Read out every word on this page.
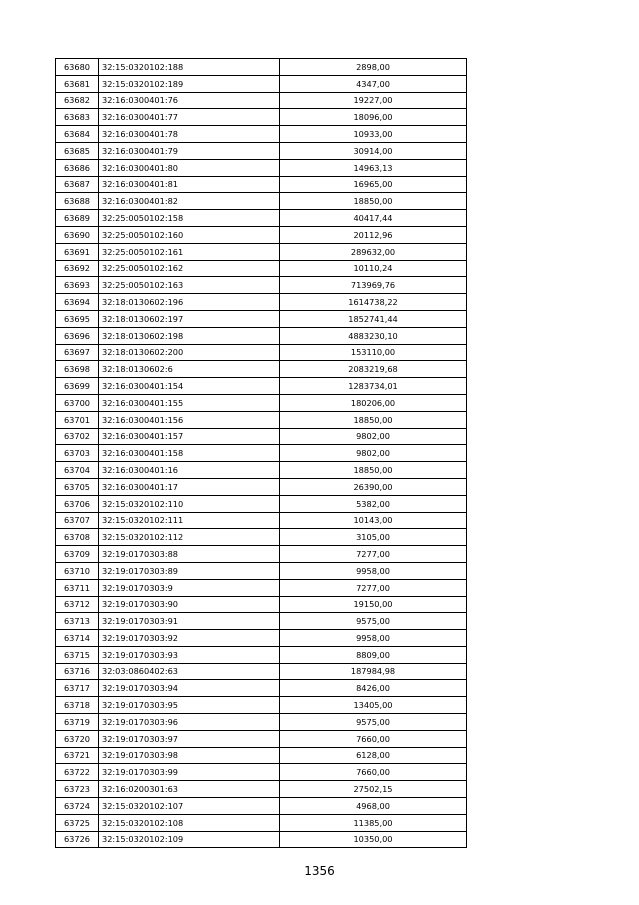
63680	32:15:0320102:188	2898,00
63681	32:15:0320102:189	4347,00
63682	32:16:0300401:76	19227,00
63683	32:16:0300401:77	18096,00
63684	32:16:0300401:78	10933,00
63685	32:16:0300401:79	30914,00
63686	32:16:0300401:80	14963,13
63687	32:16:0300401:81	16965,00
63688	32:16:0300401:82	18850,00
63689	32:25:0050102:158	40417,44
63690	32:25:0050102:160	20112,96
63691	32:25:0050102:161	289632,00
63692	32:25:0050102:162	10110,24
63693	32:25:0050102:163	713969,76
63694	32:18:0130602:196	1614738,22
63695	32:18:0130602:197	1852741,44
63696	32:18:0130602:198	4883230,10
63697	32:18:0130602:200	153110,00
63698	32:18:0130602:6	2083219,68
63699	32:16:0300401:154	1283734,01
63700	32:16:0300401:155	180206,00
63701	32:16:0300401:156	18850,00
63702	32:16:0300401:157	9802,00
63703	32:16:0300401:158	9802,00
63704	32:16:0300401:16	18850,00
63705	32:16:0300401:17	26390,00
63706	32:15:0320102:110	5382,00
63707	32:15:0320102:111	10143,00
63708	32:15:0320102:112	3105,00
63709	32:19:0170303:88	7277,00
63710	32:19:0170303:89	9958,00
63711	32:19:0170303:9	7277,00
63712	32:19:0170303:90	19150,00
63713	32:19:0170303:91	9575,00
63714	32:19:0170303:92	9958,00
63715	32:19:0170303:93	8809,00
63716	32:03:0860402:63	187984,98
63717	32:19:0170303:94	8426,00
63718	32:19:0170303:95	13405,00
63719	32:19:0170303:96	9575,00
63720	32:19:0170303:97	7660,00
63721	32:19:0170303:98	6128,00
63722	32:19:0170303:99	7660,00
63723	32:16:0200301:63	27502,15
63724	32:15:0320102:107	4968,00
63725	32:15:0320102:108	11385,00
63726	32:15:0320102:109	10350,00
1356
